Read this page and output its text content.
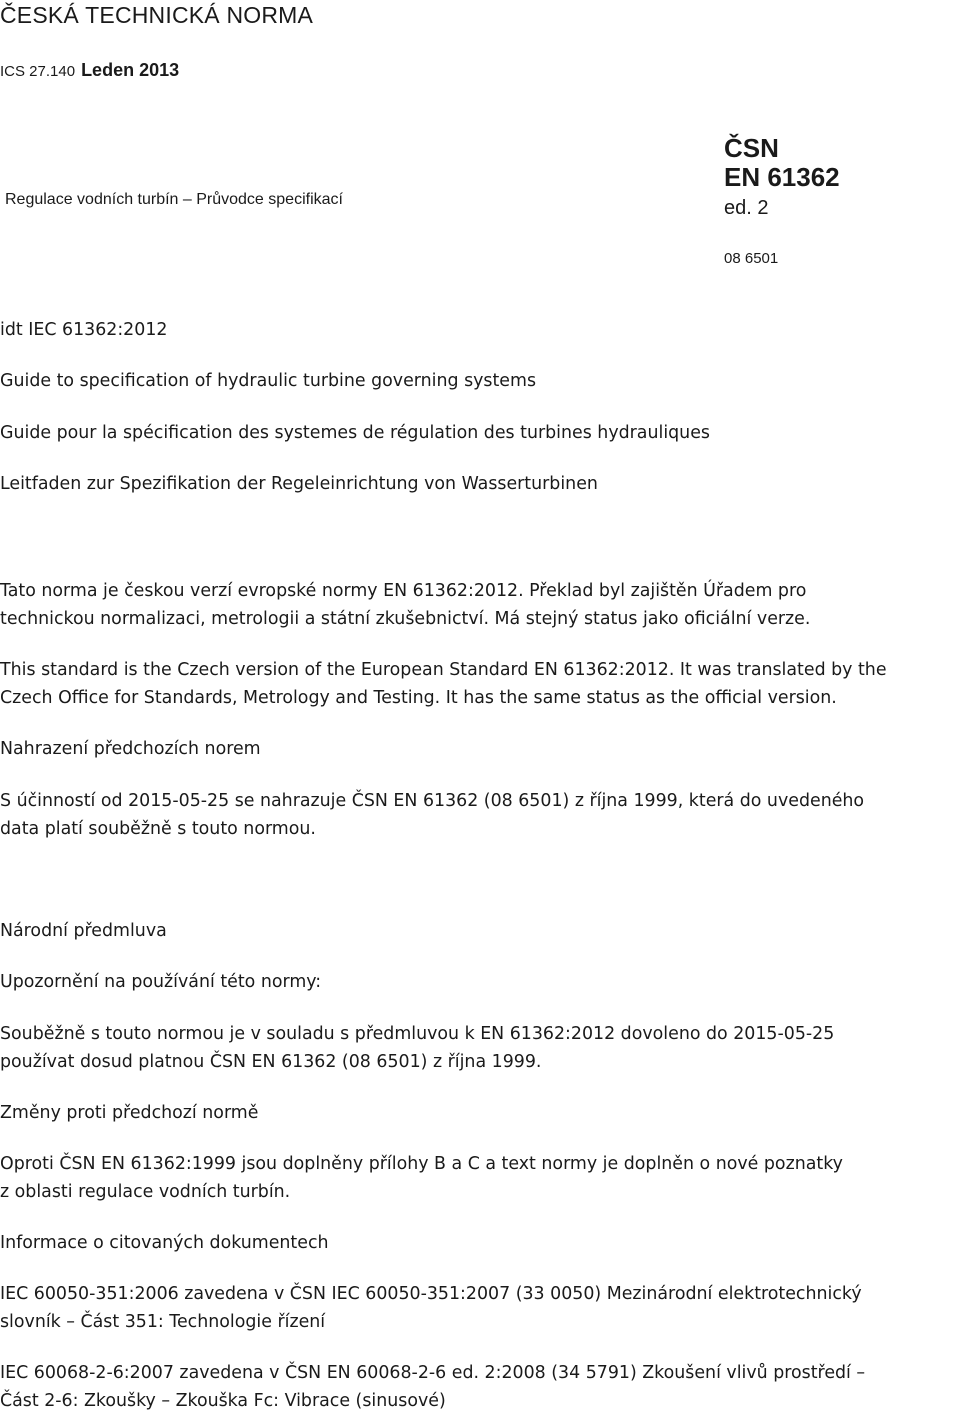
ČESKÁ TECHNICKÁ NORMA
ICS 27.140 Leden 2013
Regulace vodních turbín – Průvodce specifikací
ČSN
EN 61362
ed. 2
08 6501
idt IEC 61362:2012
Guide to specification of hydraulic turbine governing systems
Guide pour la spécification des systemes de régulation des turbines hydrauliques
Leitfaden zur Spezifikation der Regeleinrichtung von Wasserturbinen
Tato norma je českou verzí evropské normy EN 61362:2012. Překlad byl zajištěn Úřadem pro
technickou normalizaci, metrologii a státní zkušebnictví. Má stejný status jako oficiální verze.
This standard is the Czech version of the European Standard EN 61362:2012. It was translated by the
Czech Office for Standards, Metrology and Testing. It has the same status as the official version.
Nahrazení předchozích norem
S účinností od 2015-05-25 se nahrazuje ČSN EN 61362 (08 6501) z října 1999, která do uvedeného
data platí souběžně s touto normou.
Národní předmluva
Upozornění na používání této normy:
Souběžně s touto normou je v souladu s předmluvou k EN 61362:2012 dovoleno do 2015-05-25
používat dosud platnou ČSN EN 61362 (08 6501) z října 1999.
Změny proti předchozí normě
Oproti ČSN EN 61362:1999 jsou doplněny přílohy B a C a text normy je doplněn o nové poznatky
z oblasti regulace vodních turbín.
Informace o citovaných dokumentech
IEC 60050-351:2006 zavedena v ČSN IEC 60050-351:2007 (33 0050) Mezinárodní elektrotechnický
slovník – Část 351: Technologie řízení
IEC 60068-2-6:2007 zavedena v ČSN EN 60068-2-6 ed. 2:2008 (34 5791) Zkoušení vlivů prostředí –
Část 2-6: Zkoušky – Zkouška Fc: Vibrace (sinusové)
